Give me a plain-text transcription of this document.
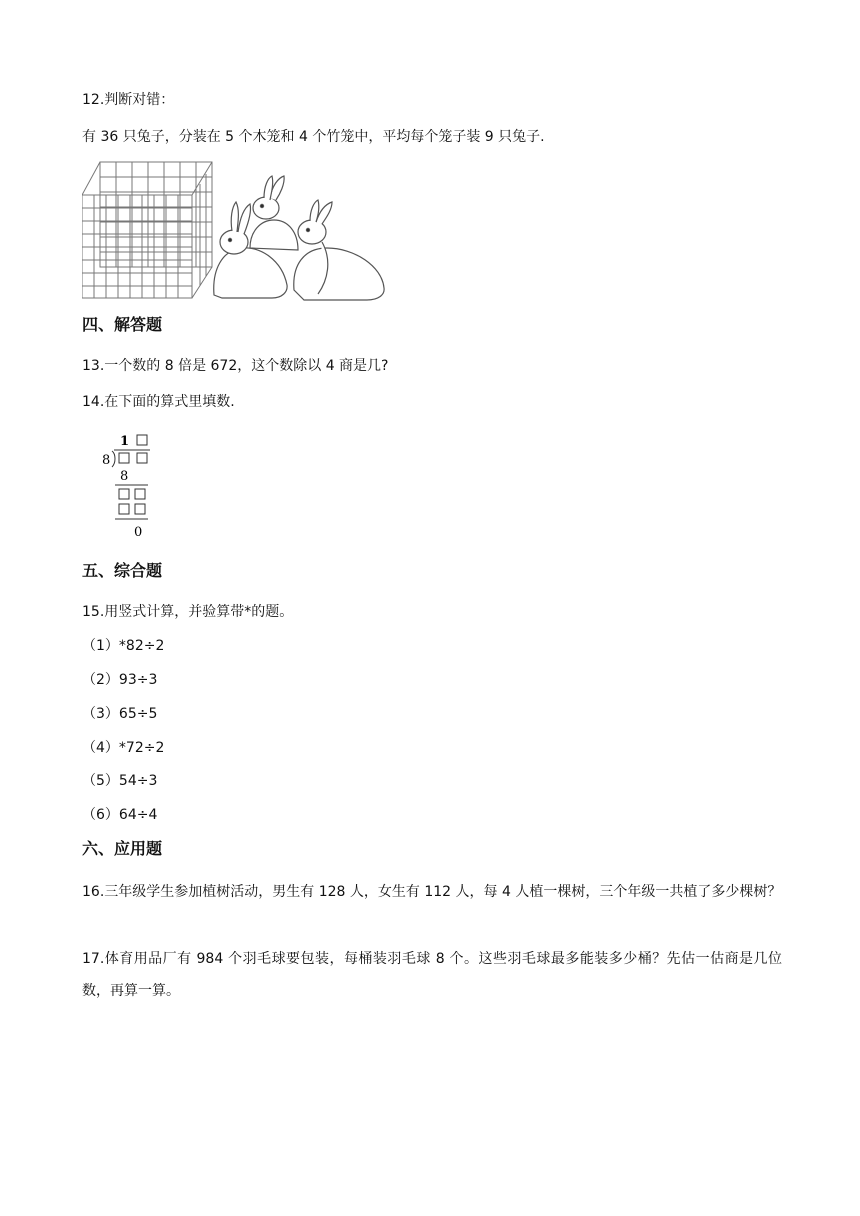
12.判断对错：
有 36 只兔子，分装在 5 个木笼和 4 个竹笼中，平均每个笼子装 9 只兔子.
四、解答题
13.一个数的 8 倍是 672，这个数除以 4 商是几?
14.在下面的算式里填数.
1
8
8
0
五、综合题
15.用竖式计算，并验算带*的题。
（1）*82÷2
（2）93÷3
（3）65÷5
（4）*72÷2
（5）54÷3
（6）64÷4
六、应用题
16.三年级学生参加植树活动，男生有 128 人，女生有 112 人，每 4 人植一棵树，三个年级一共植了多少棵树？
17.体育用品厂有 984 个羽毛球要包装，每桶装羽毛球 8 个。这些羽毛球最多能装多少桶？先估一估商是几位数，再算一算。
